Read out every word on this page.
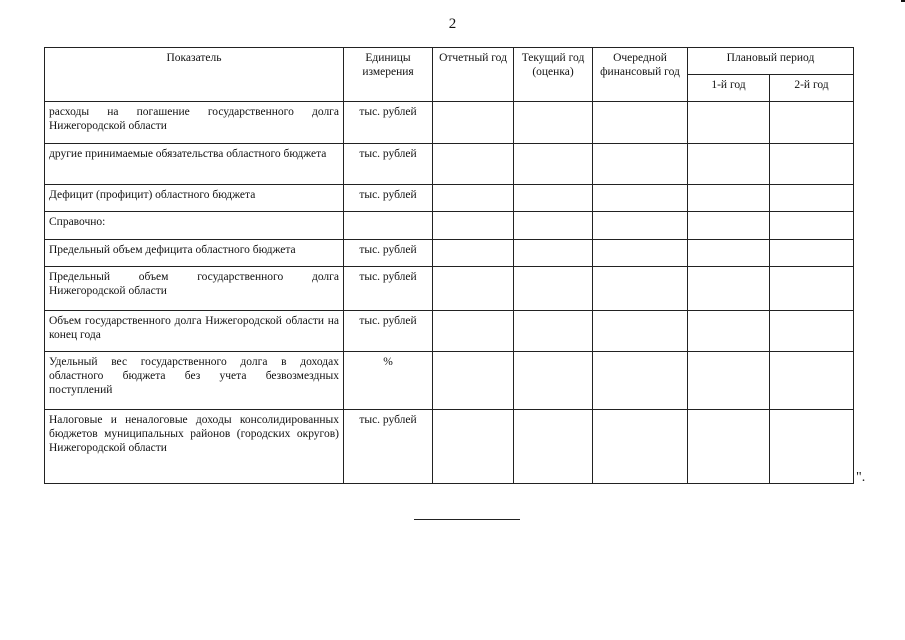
2
Показатель	Единицы измерения	Отчетный год	Текущий год (оценка)	Очередной финансовый год	Плановый период	
					1-й год	2-й год
расходы на погашение государственного долга Нижегородской области	тыс. рублей					
другие принимаемые обязательства областного бюджета	тыс. рублей					
Дефицит (профицит) областного бюджета	тыс. рублей					
Справочно:						
Предельный объем дефицита областного бюджета	тыс. рублей					
Предельный объем государственного долга Нижегородской области	тыс. рублей					
Объем государственного долга Нижегородской области на конец года	тыс. рублей					
Удельный вес государственного долга в доходах областного бюджета без учета безвозмездных поступлений	%					
Налоговые и неналоговые доходы консолидированных бюджетов муниципальных районов (городских округов) Нижегородской области	тыс. рублей					
".
